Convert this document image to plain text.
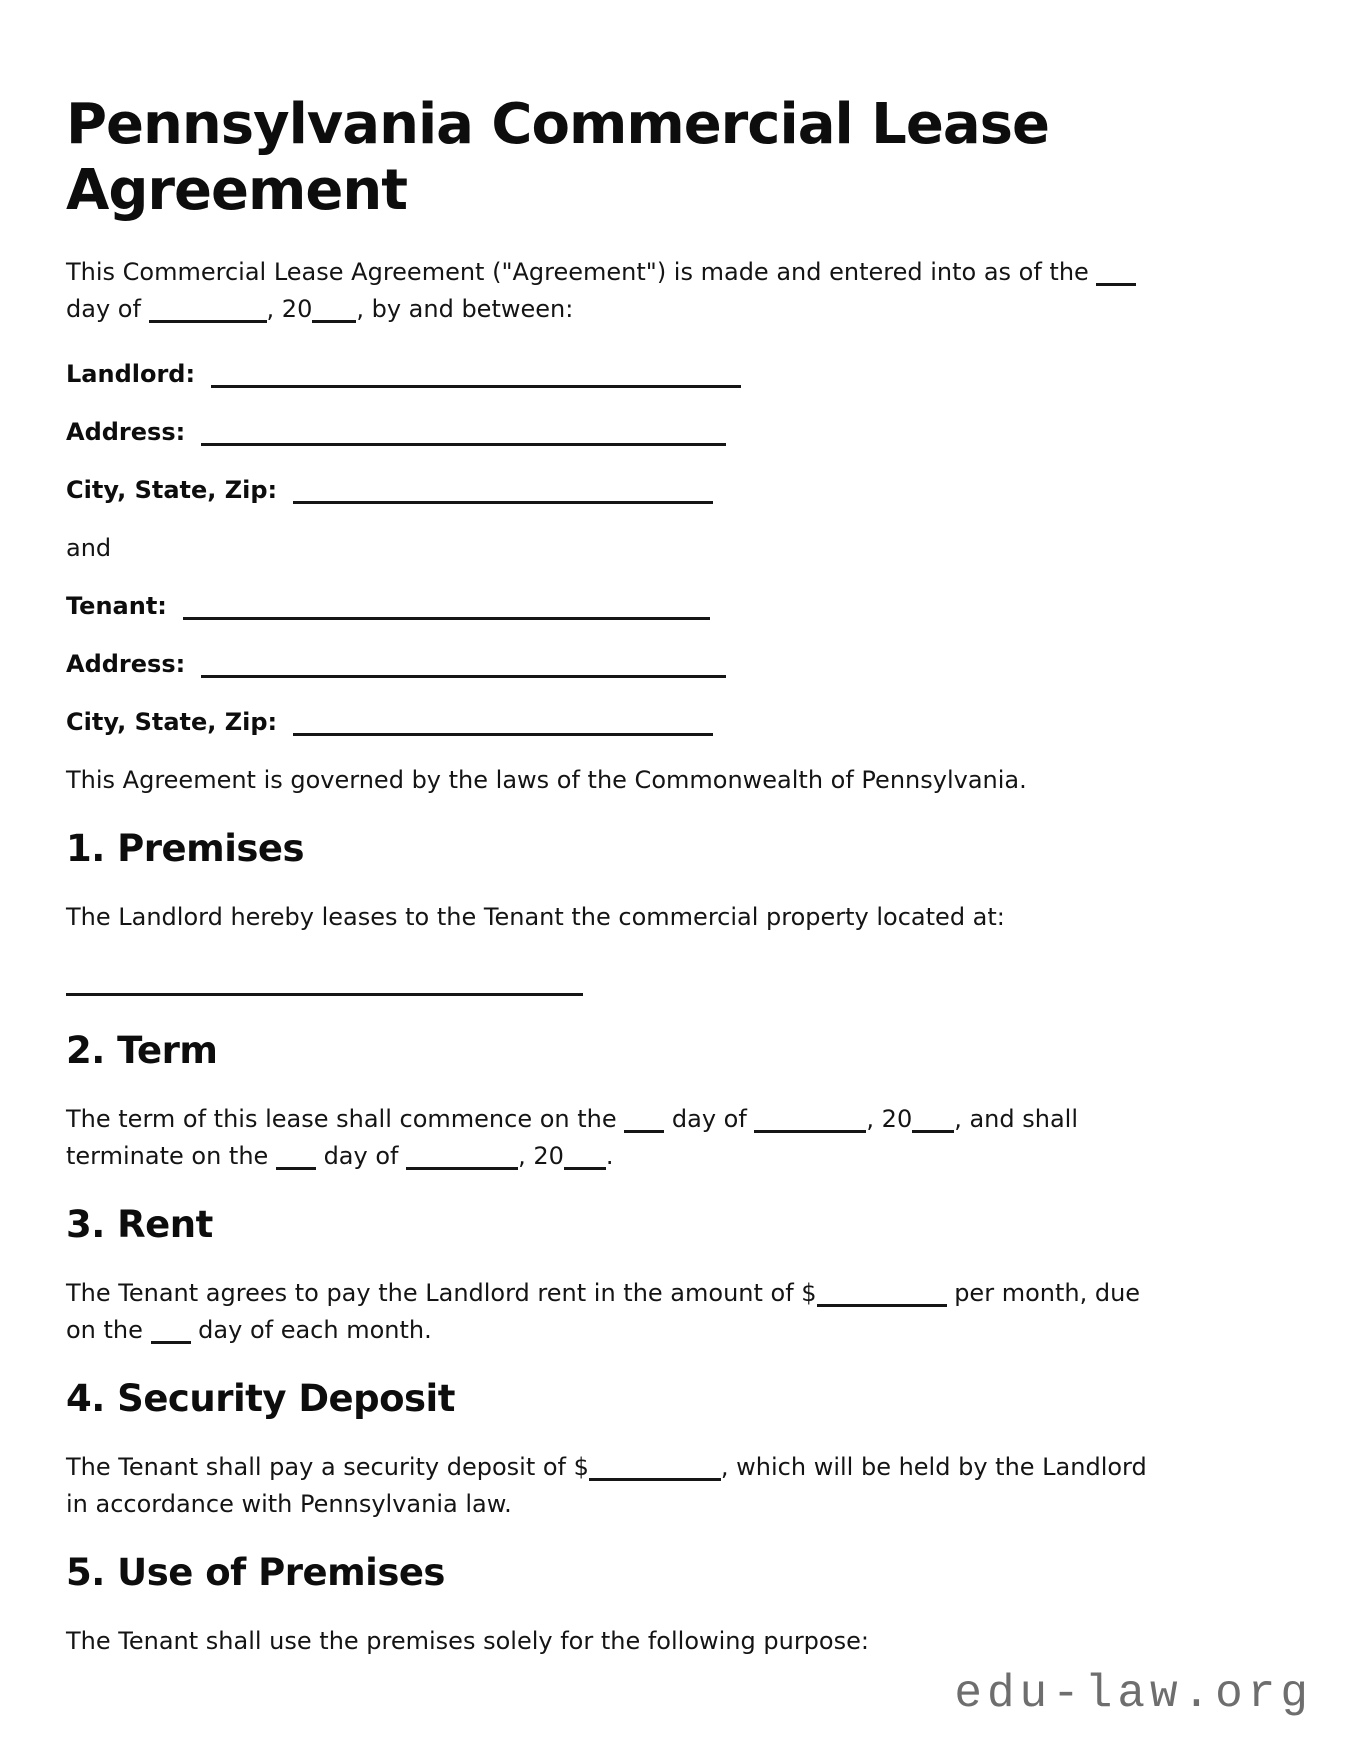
Pennsylvania Commercial Lease Agreement

This Commercial Lease Agreement ("Agreement") is made and entered into as of the
day of	, 20 , by and between:

Landlord:

Address:

City, State, Zip:

and

Tenant:

Address:

City, State, Zip:

This Agreement is governed by the laws of the Commonwealth of Pennsylvania.

1. Premises

The Landlord hereby leases to the Tenant the commercial property located at:

2. Term

The term of this lease shall commence on the  day of	, 20 , and shall
terminate on the  day of	, 20 .

3. Rent

The Tenant agrees to pay the Landlord rent in the amount of $	per month, due
on the  day of each month.

4. Security Deposit

The Tenant shall pay a security deposit of $	, which will be held by the Landlord
in accordance with Pennsylvania law.

5. Use of Premises

The Tenant shall use the premises solely for the following purpose:

edu-law.org
